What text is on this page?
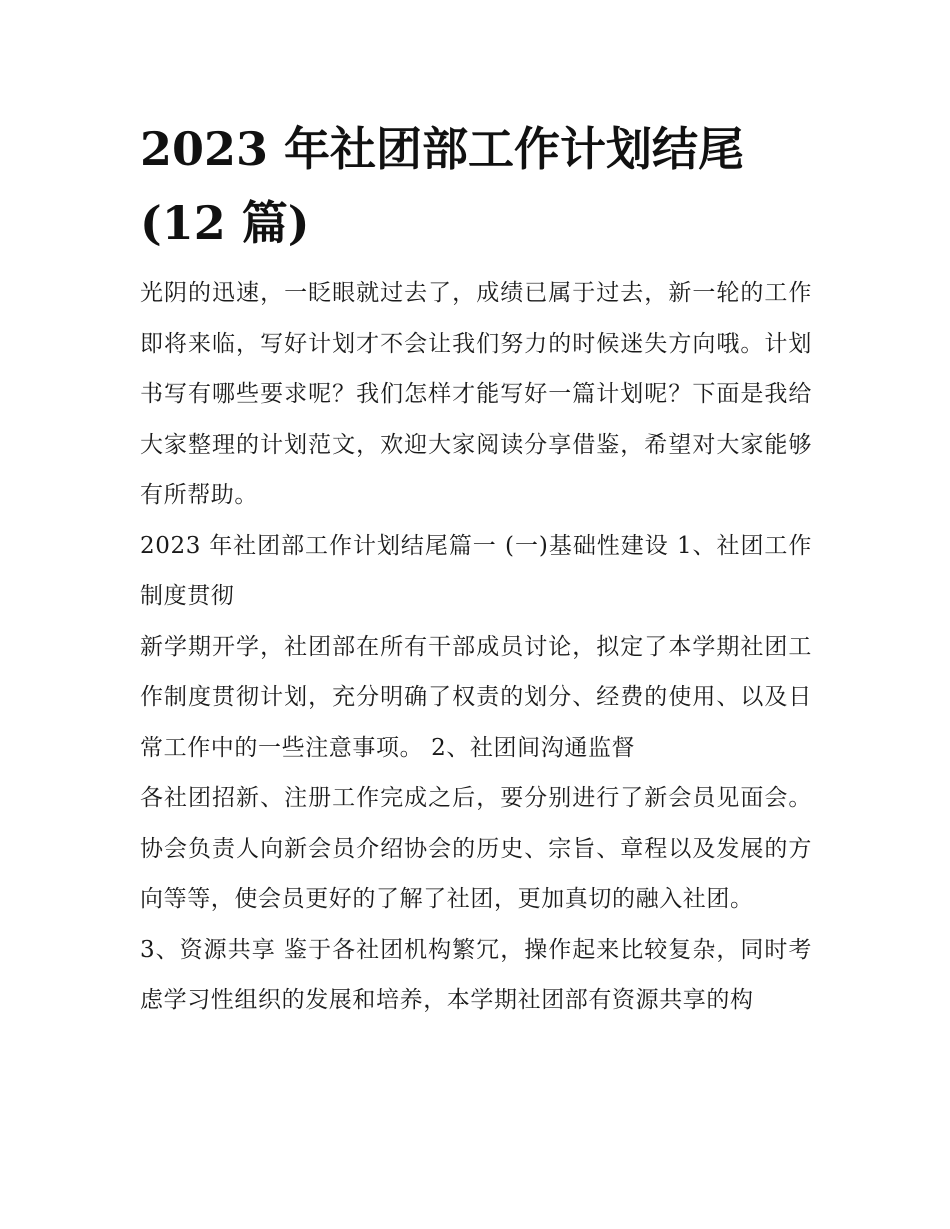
2023 年社团部工作计划结尾
(12 篇)

光阴的迅速，一眨眼就过去了，成绩已属于过去，新一轮的工作即将来临，写好计划才不会让我们努力的时候迷失方向哦。计划书写有哪些要求呢？我们怎样才能写好一篇计划呢？下面是我给大家整理的计划范文，欢迎大家阅读分享借鉴，希望对大家能够有所帮助。

2023 年社团部工作计划结尾篇一 (一)基础性建设 1、社团工作制度贯彻

新学期开学，社团部在所有干部成员讨论，拟定了本学期社团工作制度贯彻计划，充分明确了权责的划分、经费的使用、以及日常工作中的一些注意事项。 2、社团间沟通监督

各社团招新、注册工作完成之后，要分别进行了新会员见面会。协会负责人向新会员介绍协会的历史、宗旨、章程以及发展的方向等等，使会员更好的了解了社团，更加真切的融入社团。

3、资源共享 鉴于各社团机构繁冗，操作起来比较复杂，同时考虑学习性组织的发展和培养，本学期社团部有资源共享的构
